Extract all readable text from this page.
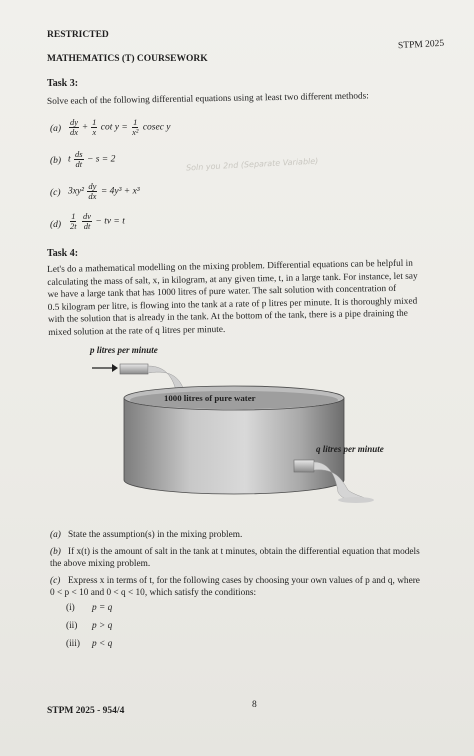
RESTRICTED
STPM 2025
MATHEMATICS (T) COURSEWORK
Task 3:
Solve each of the following differential equations using at least two different methods:
$(a) \frac{dy}{dx} + \frac{1}{x}$ $\cot y = \frac{1}{\text{x²}}$ cosec y
(b) t $\frac{ds}{dt} - s = 2$	Soln you 2nd (Separate Variable)
(c) $3xy^2 \frac{dy}{dx} = 4y^3 + x^3$
$(d) \frac{1}{2t}$
$\frac{dv}{dt}$ − tv = t
Task 4:
Let's do a mathematical modelling on the mixing problem. Differential equations can be helpful in
calculating the mass of salt, x, in kilogram, at any given time, t, in a large tank. For instance, let say
we have a large tank that has 1000 litres of pure water. The salt solution with concentration of
0.5 kilogram per litre, is flowing into the tank at a rate of p litres per minute. It is thoroughly mixed
with the solution that is already in the tank. At the bottom of the tank, there is a pipe draining the
mixed solution at the rate of q litres per minute.
p litres per minute
1000 litres of pure water
q litres per minute
(a) State the assumption(s) in the mixing problem.
(b) If x(t) is the amount of salt in the tank at t minutes, obtain the differential equation that models
the above mixing problem.
(c) Express x in terms of t, for the following cases by choosing your own values of p and q, where
0 < p < 10 and 0 < q < 10, which satisfy the conditions:
(i) p = q
(ii) p > q
(iii) p < q
STPM 2025 - 954/4
8
